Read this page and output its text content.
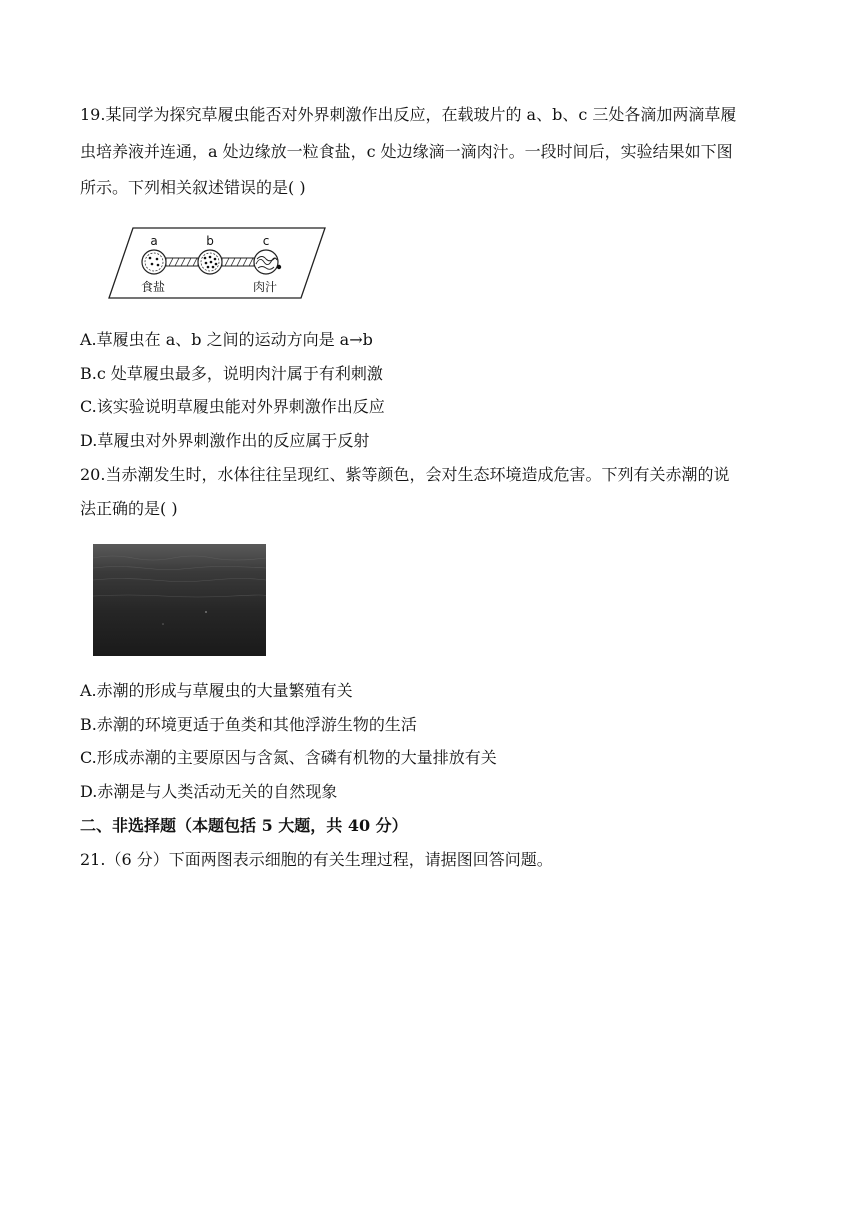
19.某同学为探究草履虫能否对外界刺激作出反应，在载玻片的 a、b、c 三处各滴加两滴草履
虫培养液并连通，a 处边缘放一粒食盐，c 处边缘滴一滴肉汁。一段时间后，实验结果如下图
所示。下列相关叙述错误的是( )
a	b	c
食盐	肉汁
A.草履虫在 a、b 之间的运动方向是 a→b
B.c 处草履虫最多，说明肉汁属于有利刺激
C.该实验说明草履虫能对外界刺激作出反应
D.草履虫对外界刺激作出的反应属于反射
20.当赤潮发生时，水体往往呈现红、紫等颜色，会对生态环境造成危害。下列有关赤潮的说
法正确的是( )
A.赤潮的形成与草履虫的大量繁殖有关
B.赤潮的环境更适于鱼类和其他浮游生物的生活
C.形成赤潮的主要原因与含氮、含磷有机物的大量排放有关
D.赤潮是与人类活动无关的自然现象
二、非选择题（本题包括 5 大题，共 40 分）
21.（6 分）下面两图表示细胞的有关生理过程，请据图回答问题。
